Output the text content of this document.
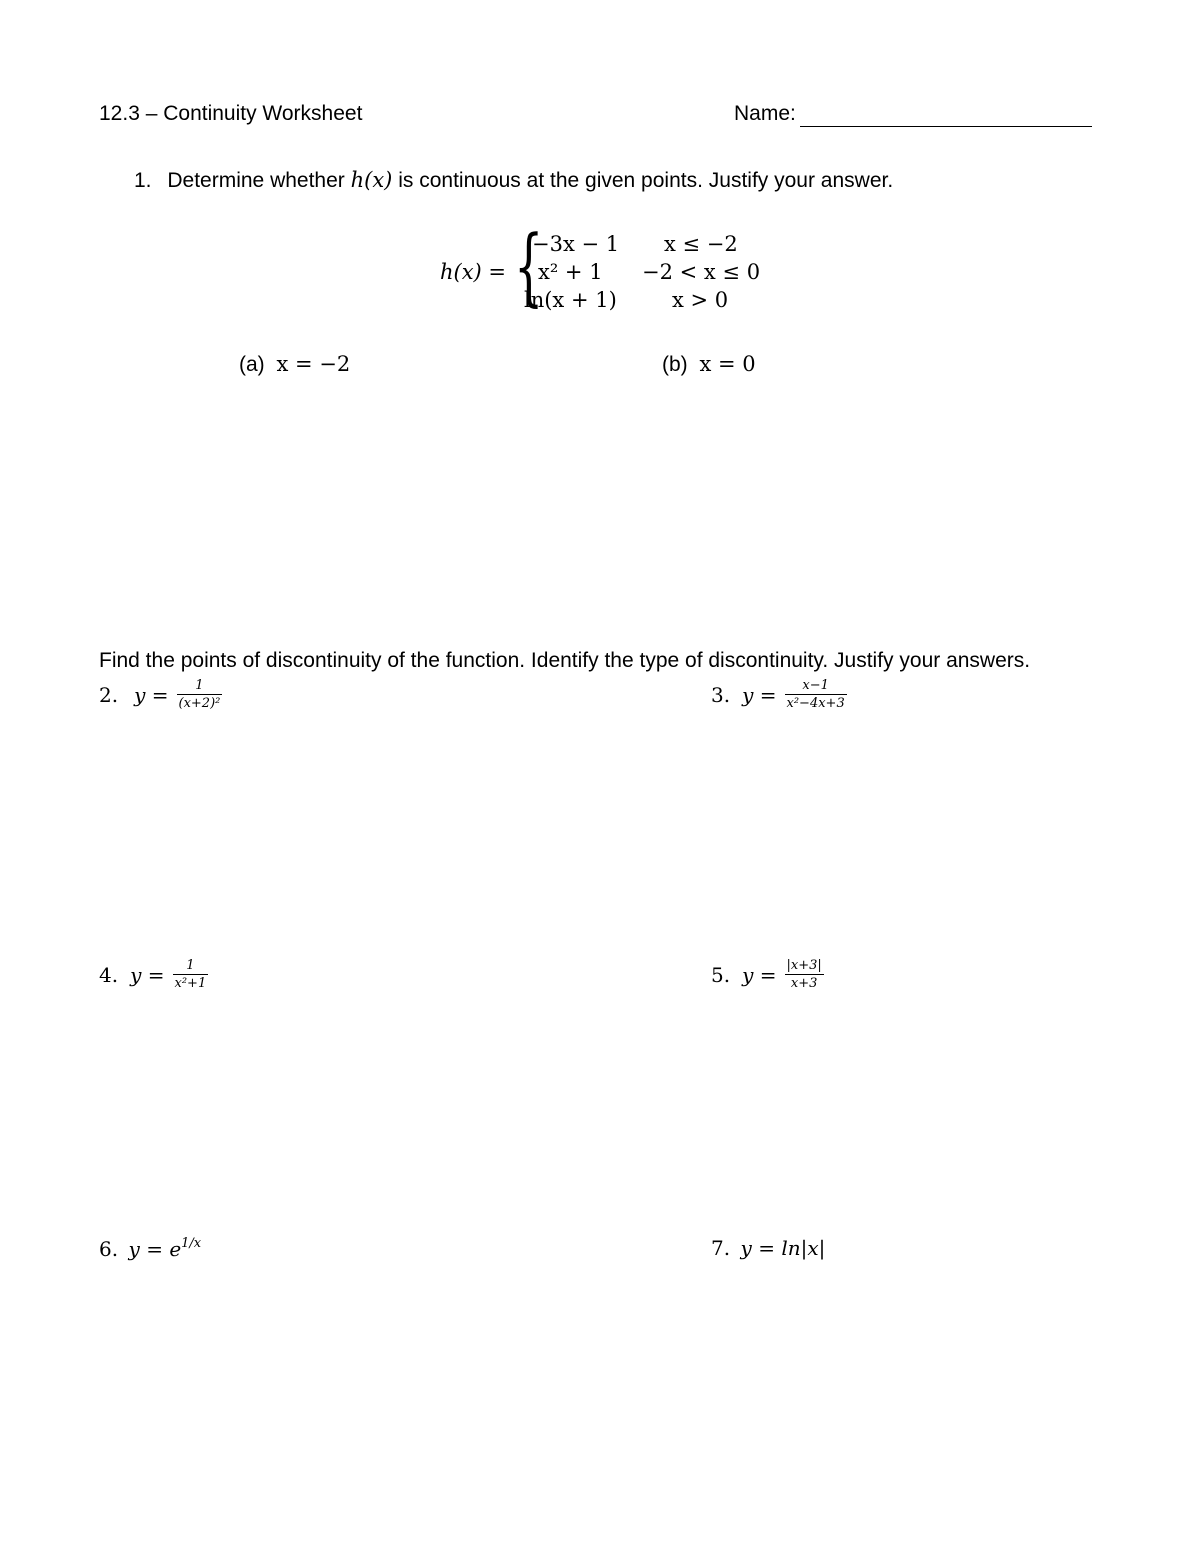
12.3 – Continuity Worksheet	Name:
1. Determine whether h(x) is continuous at the given points. Justify your answer.
h(x) = {
−3x − 1 x ≤ −2
x² + 1 −2 < x ≤ 0
ln(x + 1)	x > 0
(a) x = −2	(b) x = 0
Find the points of discontinuity of the function. Identify the type of discontinuity. Justify your answers.
2. $y = \frac{1}{\text{(x+2)²}}$	3. $y = \frac{x-1}{\text{x²−4x+3}}$
4. $y = \frac{1}{\text{x²+1}}$	5. $y = \frac{|x+3|}{x+3}$
6. $y = e^{1/x}$	7. y = ln|x|
